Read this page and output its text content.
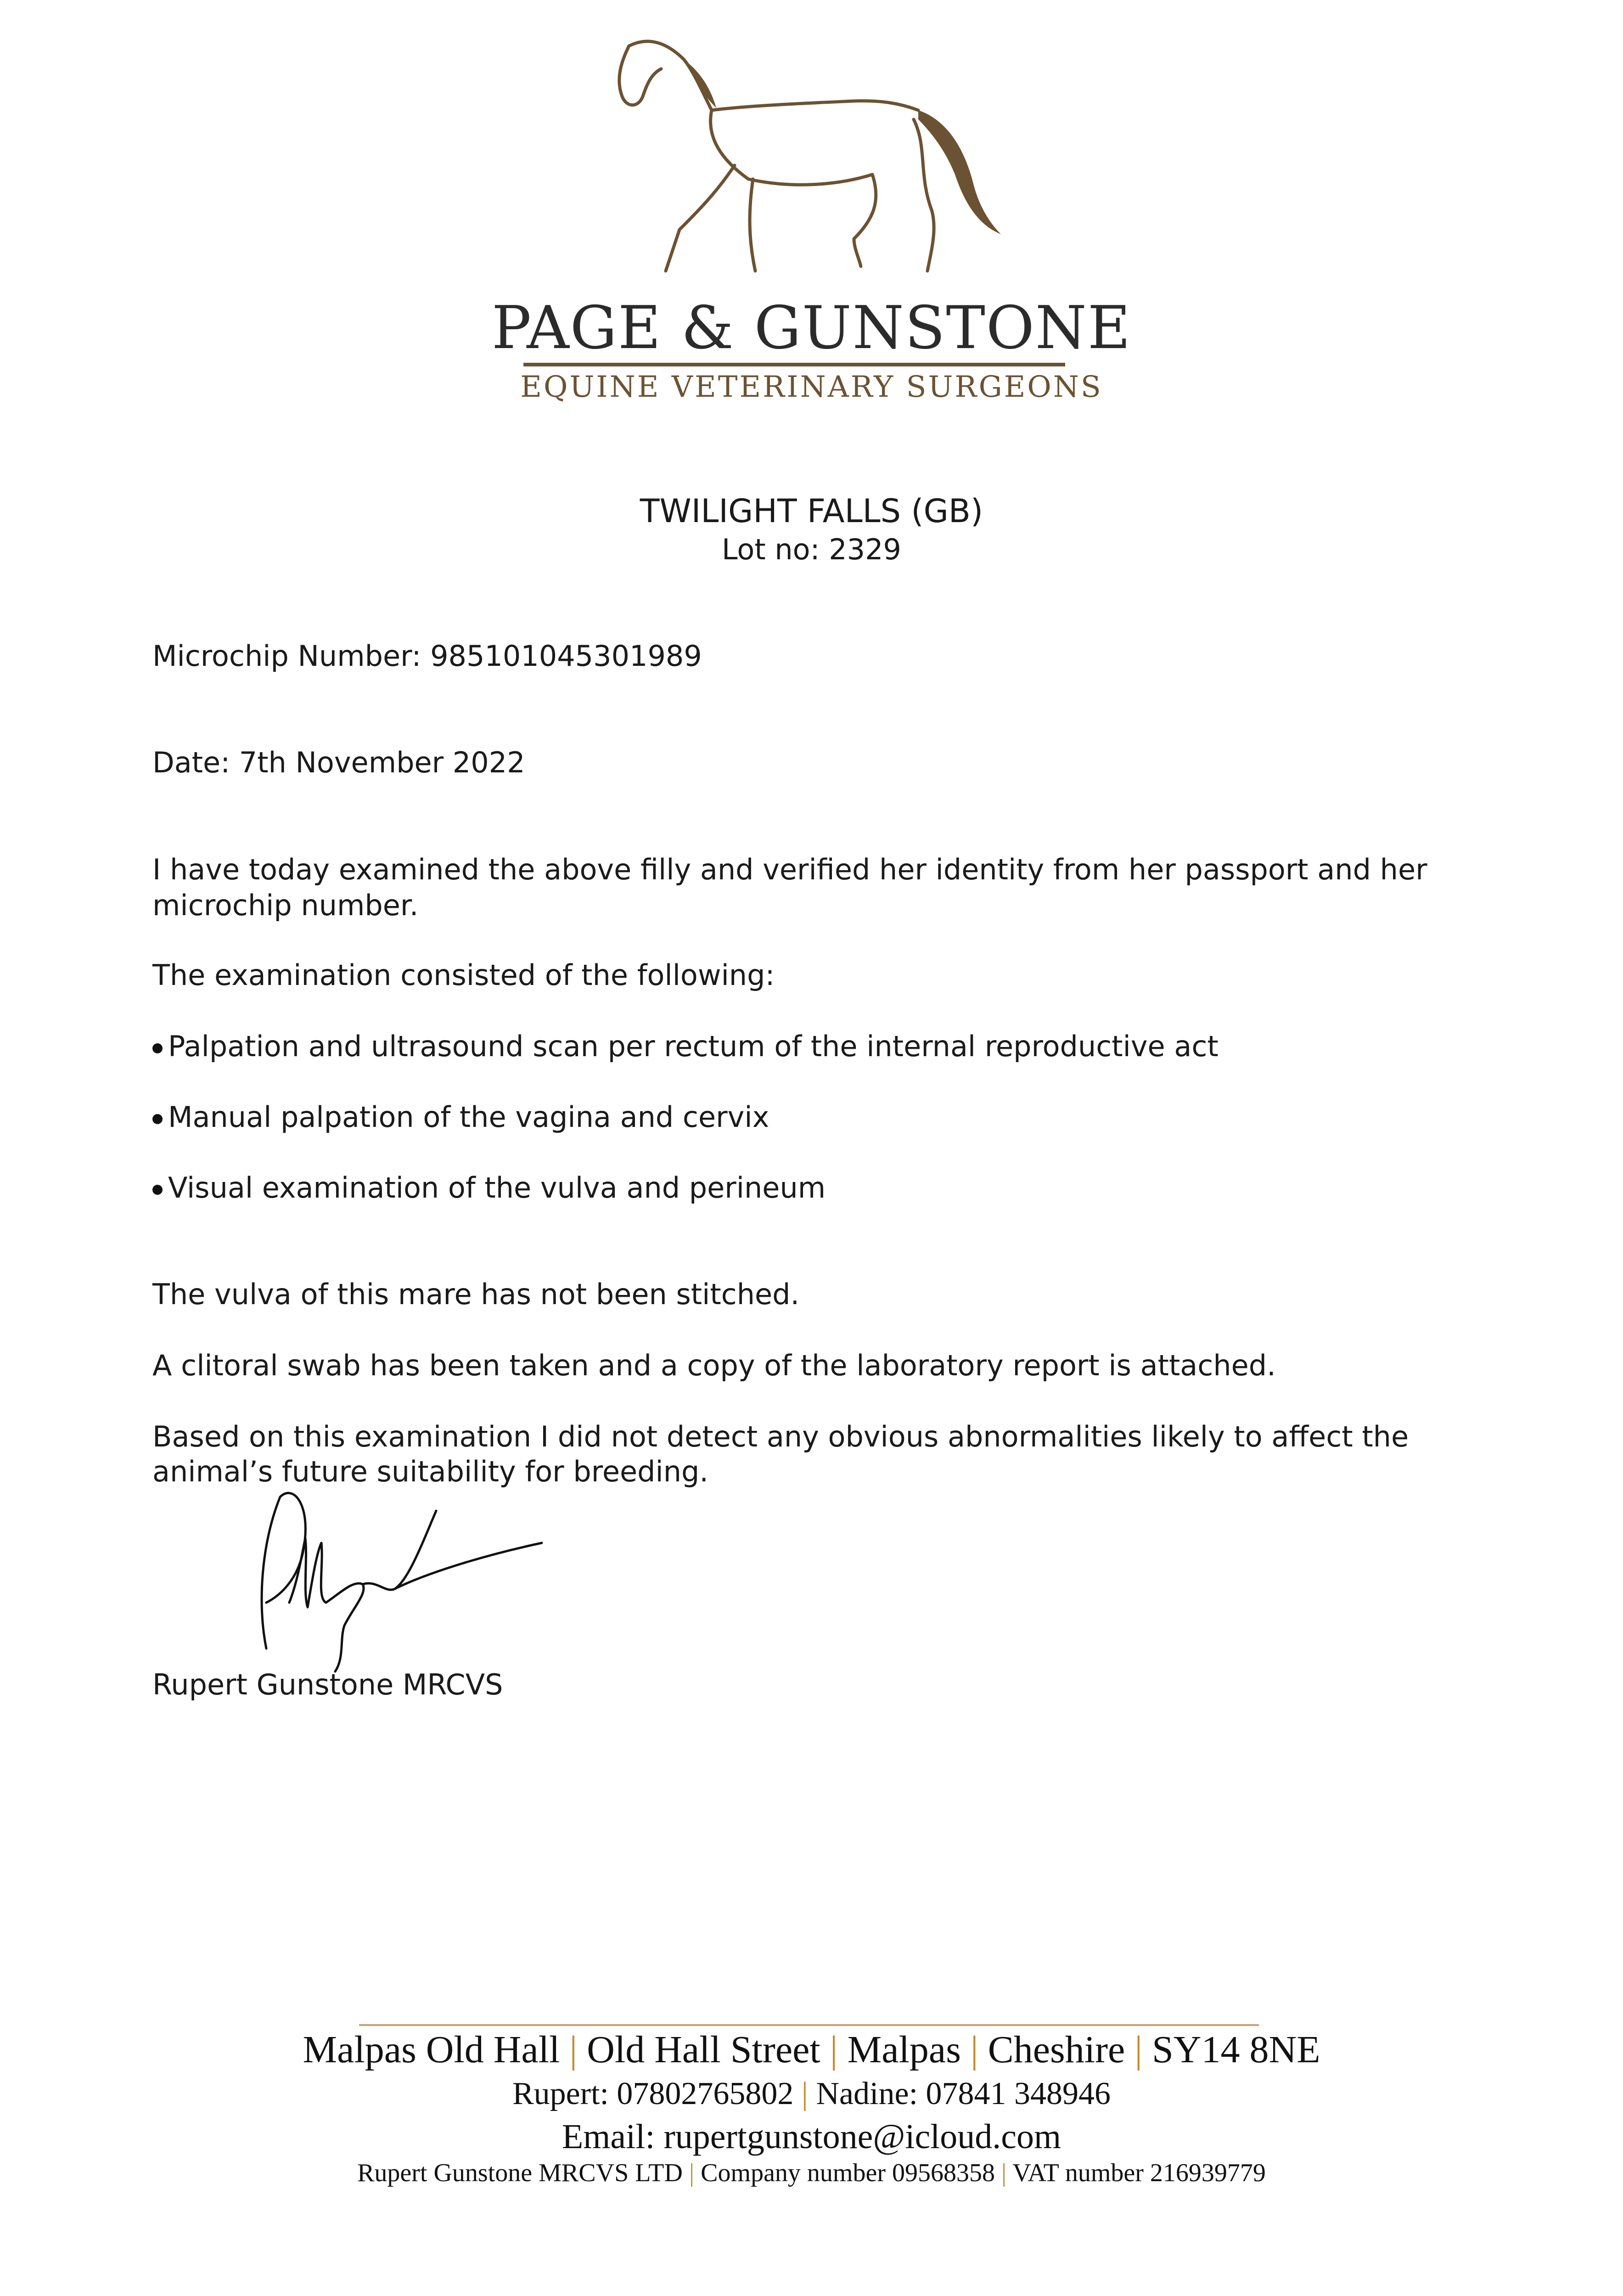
PAGE & GUNSTONE
EQUINE VETERINARY SURGEONS
TWILIGHT FALLS (GB)
Lot no: 2329
Microchip Number: 985101045301989
Date: 7th November 2022
I have today examined the above filly and verified her identity from her passport and her
microchip number.
The examination consisted of the following:
Palpation and ultrasound scan per rectum of the internal reproductive act
Manual palpation of the vagina and cervix
Visual examination of the vulva and perineum
The vulva of this mare has not been stitched.
A clitoral swab has been taken and a copy of the laboratory report is attached.
Based on this examination I did not detect any obvious abnormalities likely to affect the
animal’s future suitability for breeding.
Rupert Gunstone MRCVS
Malpas Old Hall | Old Hall Street | Malpas | Cheshire | SY14 8NE
Rupert: 07802765802 | Nadine: 07841 348946
Email: rupertgunstone@icloud.com
Rupert Gunstone MRCVS LTD | Company number 09568358 | VAT number 216939779
